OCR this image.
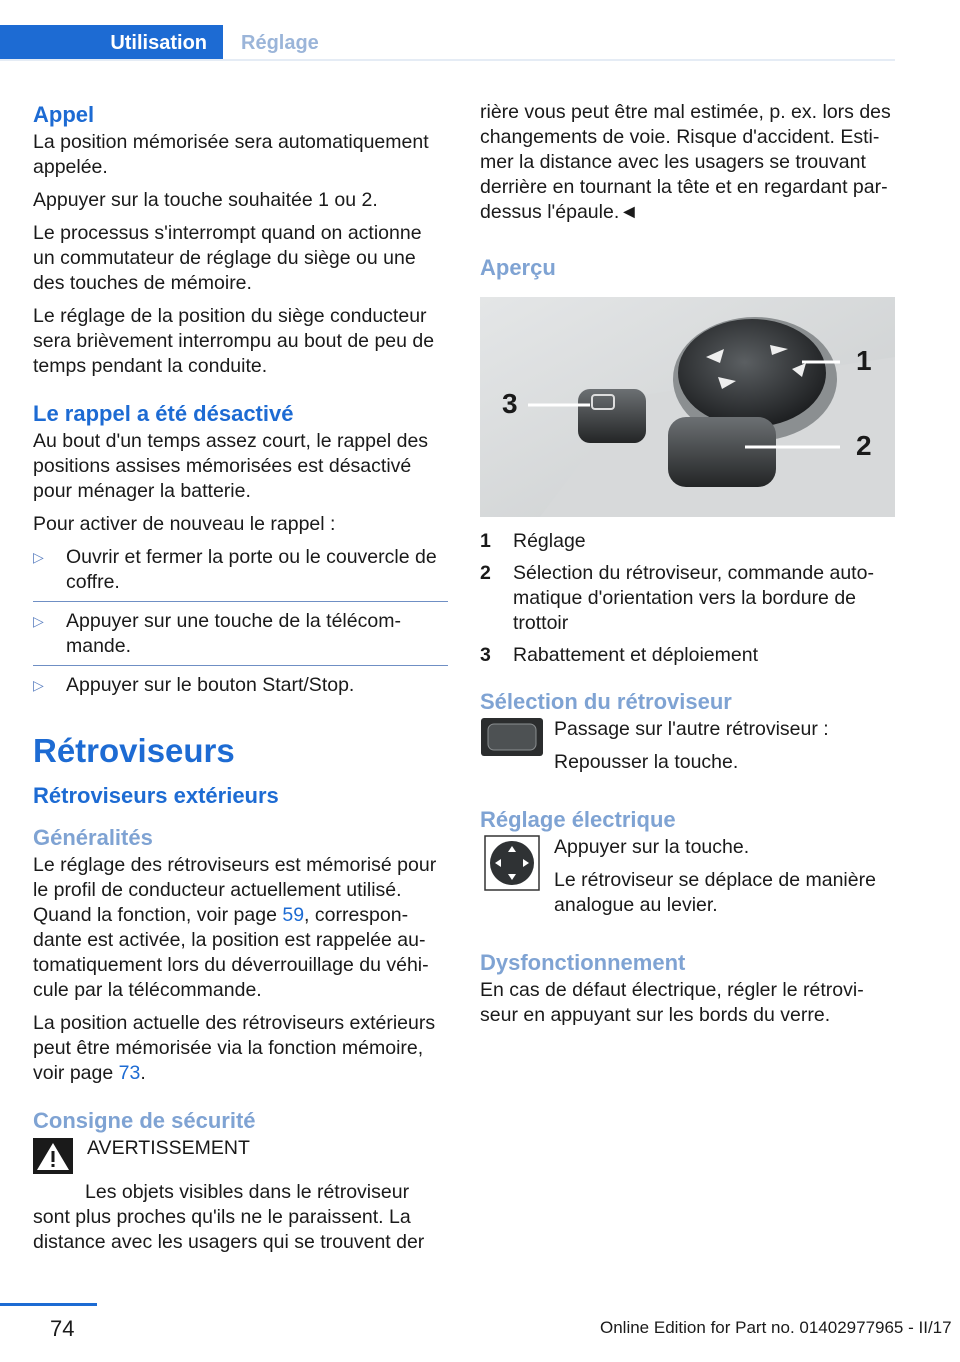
Utilisation Réglage
Appel

La position mémorisée sera automatiquement appelée.

Appuyer sur la touche souhaitée 1 ou 2.

Le processus s'interrompt quand on actionne un commutateur de réglage du siège ou une des touches de mémoire.

Le réglage de la position du siège conducteur sera brièvement interrompu au bout de peu de temps pendant la conduite.

Le rappel a été désactivé

Au bout d'un temps assez court, le rappel des positions assises mémorisées est désactivé pour ménager la batterie.

Pour activer de nouveau le rappel :

▷ Ouvrir et fermer la porte ou le couvercle de coffre.
▷ Appuyer sur une touche de la télécommande.
▷ Appuyer sur le bouton Start/Stop.
Rétroviseurs
Rétroviseurs extérieurs
Généralités

Le réglage des rétroviseurs est mémorisé pour le profil de conducteur actuellement utilisé. Quand la fonction, voir page 59, correspondante est activée, la position est rappelée automatiquement lors du déverrouillage du véhicule par la télécommande.

La position actuelle des rétroviseurs extérieurs peut être mémorisée via la fonction mémoire, voir page 73.

Consigne de sécurité
AVERTISSEMENT

Les objets visibles dans le rétroviseur sont plus proches qu'ils ne le paraissent. La distance avec les usagers qui se trouvent der

rière vous peut être mal estimée, p. ex. lors des changements de voie. Risque d'accident. Estimer la distance avec les usagers se trouvant derrière en tournant la tête et en regardant par-dessus l'épaule.◄

Aperçu
1
2
3
1	Réglage
2	Sélection du rétroviseur, commande automatique d'orientation vers la bordure de trottoir
3	Rabattement et déploiement
Sélection du rétroviseur

Passage sur l'autre rétroviseur :

Repousser la touche.

Réglage électrique

Appuyer sur la touche.

Le rétroviseur se déplace de manière analogue au levier.

Dysfonctionnement

En cas de défaut électrique, régler le rétroviseur en appuyant sur les bords du verre.

74	Online Edition for Part no. 01402977965 - II/17
